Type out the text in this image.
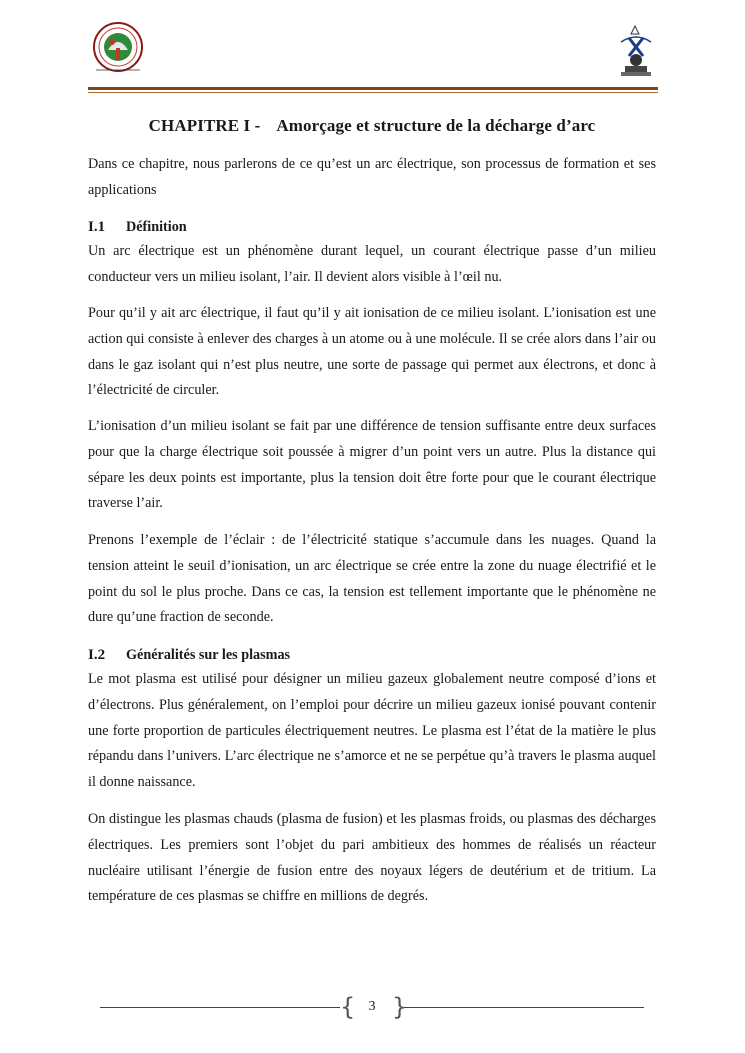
CHAPITRE I - Amorçage et structure de la décharge d’arc

Dans ce chapitre, nous parlerons de ce qu’est un arc électrique, son processus de formation et ses applications

I.1 Définition

Un arc électrique est un phénomène durant lequel, un courant électrique passe d’un milieu conducteur vers un milieu isolant, l’air. Il devient alors visible à l’œil nu.

Pour qu’il y ait arc électrique, il faut qu’il y ait ionisation de ce milieu isolant. L’ionisation est une action qui consiste à enlever des charges à un atome ou à une molécule. Il se crée alors dans l’air ou dans le gaz isolant qui n’est plus neutre, une sorte de passage qui permet aux électrons, et donc à l’électricité de circuler.

L’ionisation d’un milieu isolant se fait par une différence de tension suffisante entre deux surfaces pour que la charge électrique soit poussée à migrer d’un point vers un autre. Plus la distance qui sépare les deux points est importante, plus la tension doit être forte pour que le courant électrique traverse l’air.

Prenons l’exemple de l’éclair : de l’électricité statique s’accumule dans les nuages. Quand la tension atteint le seuil d’ionisation, un arc électrique se crée entre la zone du nuage électrifié et le point du sol le plus proche. Dans ce cas, la tension est tellement importante que le phénomène ne dure qu’une fraction de seconde.

I.2 Généralités sur les plasmas

Le mot plasma est utilisé pour désigner un milieu gazeux globalement neutre composé d’ions et d’électrons. Plus généralement, on l’emploi pour décrire un milieu gazeux ionisé pouvant contenir une forte proportion de particules électriquement neutres. Le plasma est l’état de la matière le plus répandu dans l’univers. L’arc électrique ne s’amorce et ne se perpétue qu’à travers le plasma auquel il donne naissance.

On distingue les plasmas chauds (plasma de fusion) et les plasmas froids, ou plasmas des décharges électriques. Les premiers sont l’objet du pari ambitieux des hommes de réalisés un réacteur nucléaire utilisant l’énergie de fusion entre des noyaux légers de deutérium et de tritium. La température de ces plasmas se chiffre en millions de degrés.

{ }
3
